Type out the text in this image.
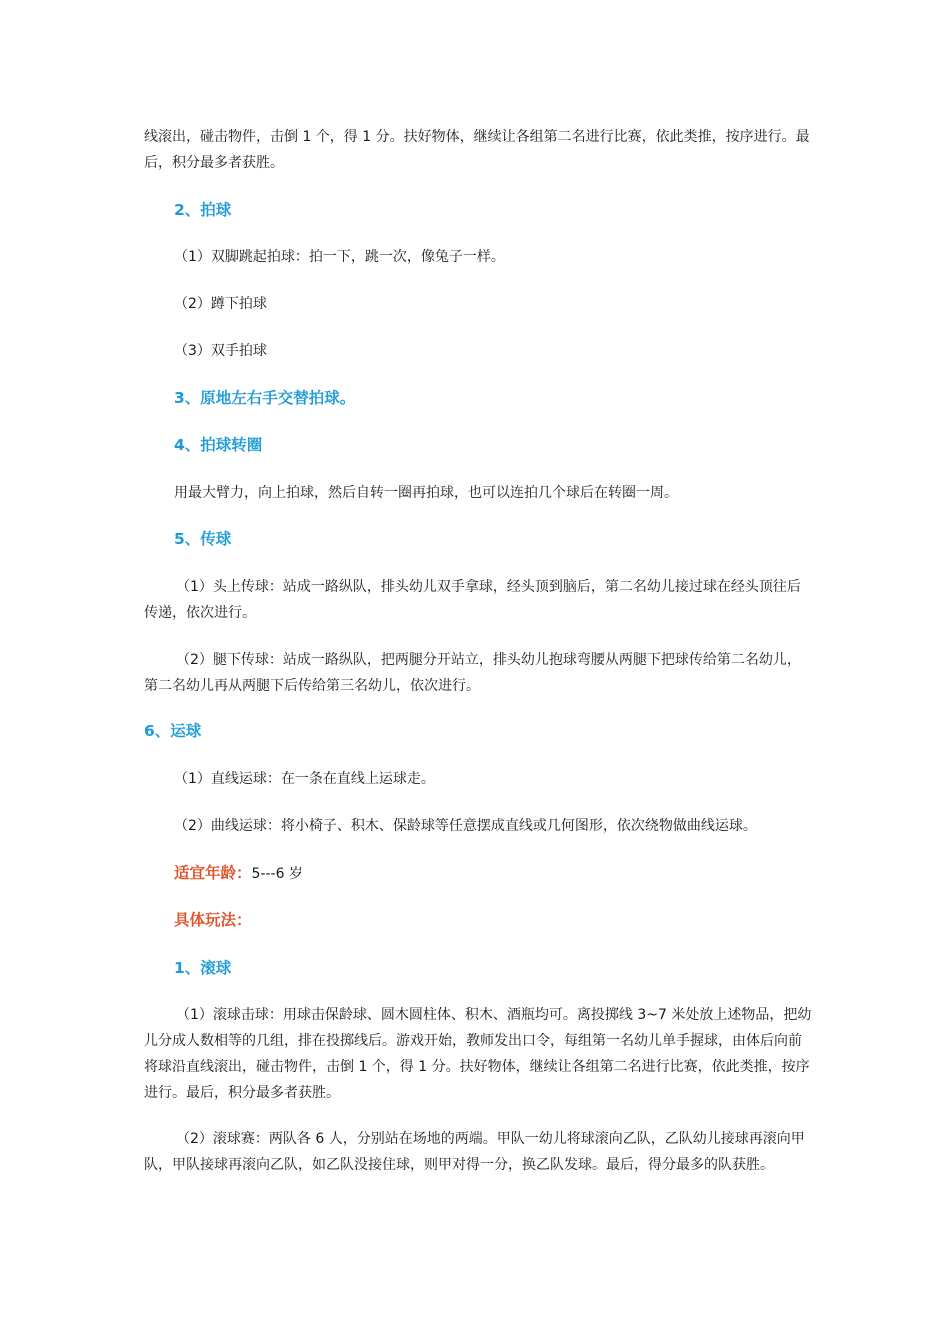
线滚出，碰击物件，击倒 1 个，得 1 分。扶好物体，继续让各组第二名进行比赛，依此类推，按序进行。最后，积分最多者获胜。

2、拍球

（1）双脚跳起拍球：拍一下，跳一次，像兔子一样。

（2）蹲下拍球

（3）双手拍球

3、原地左右手交替拍球。
4、拍球转圈

用最大臂力，向上拍球，然后自转一圈再拍球，也可以连拍几个球后在转圈一周。

5、传球

（1）头上传球：站成一路纵队，排头幼儿双手拿球，经头顶到脑后，第二名幼儿接过球在经头顶往后传递，依次进行。

（2）腿下传球：站成一路纵队，把两腿分开站立，排头幼儿抱球弯腰从两腿下把球传给第二名幼儿，第二名幼儿再从两腿下后传给第三名幼儿，依次进行。

6、运球

（1）直线运球：在一条在直线上运球走。

（2）曲线运球：将小椅子、积木、保龄球等任意摆成直线或几何图形，依次绕物做曲线运球。

适宜年龄：5---6 岁

具体玩法：

1、滚球

（1）滚球击球：用球击保龄球、圆木圆柱体、积木、酒瓶均可。离投掷线 3~7 米处放上述物品，把幼儿分成人数相等的几组，排在投掷线后。游戏开始，教师发出口令，每组第一名幼儿单手握球，由体后向前将球沿直线滚出，碰击物件，击倒 1 个，得 1 分。扶好物体，继续让各组第二名进行比赛，依此类推，按序进行。最后，积分最多者获胜。

（2）滚球赛：两队各 6 人，分别站在场地的两端。甲队一幼儿将球滚向乙队，乙队幼儿接球再滚向甲队，甲队接球再滚向乙队，如乙队没接住球，则甲对得一分，换乙队发球。最后，得分最多的队获胜。
